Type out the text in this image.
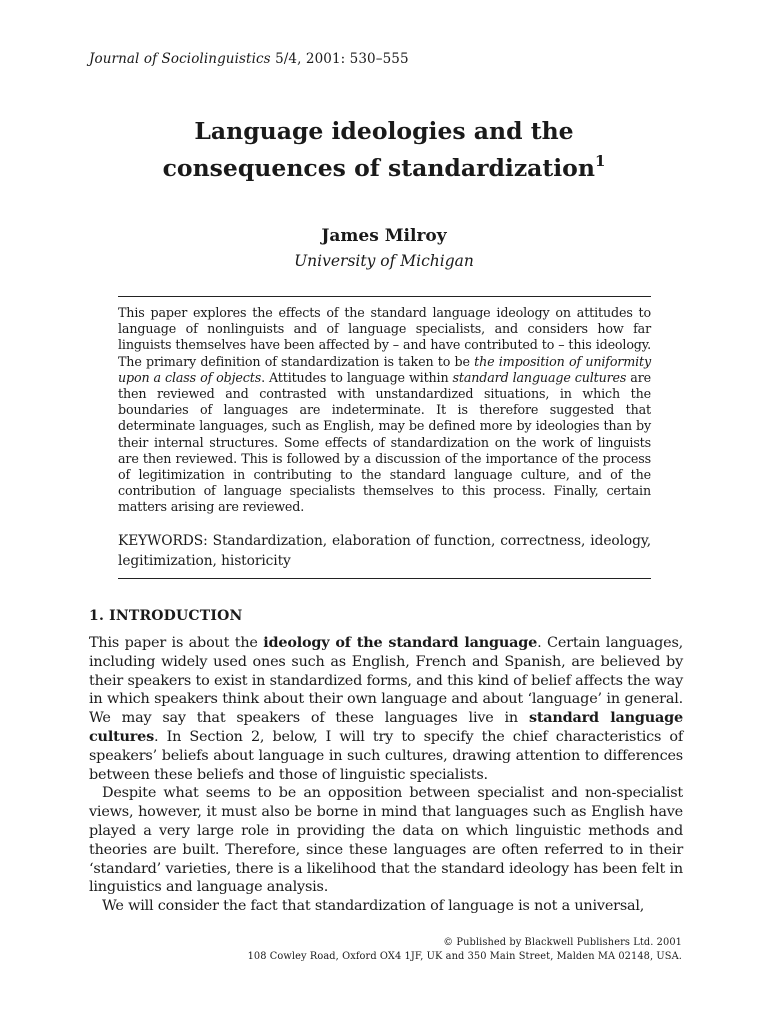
Journal of Sociolinguistics 5/4, 2001: 530–555
Language ideologies and the
consequences of standardization$^1$
James Milroy
University of Michigan
This paper explores the effects of the standard language ideology on attitudes to language of nonlinguists and of language specialists, and considers how far linguists themselves have been affected by – and have contributed to – this ideology. The primary definition of standardization is taken to be the imposition of uniformity upon a class of objects. Attitudes to language within standard language cultures are then reviewed and contrasted with unstandardized situations, in which the boundaries of languages are indeterminate. It is therefore suggested that determinate languages, such as English, may be defined more by ideologies than by their internal structures. Some effects of standardization on the work of linguists are then reviewed. This is followed by a discussion of the importance of the process of legitimization in contributing to the standard language culture, and of the contribution of language specialists themselves to this process. Finally, certain matters arising are reviewed.
KEYWORDS: Standardization, elaboration of function, correctness, ideology, legitimization, historicity
1. INTRODUCTION

This paper is about the ideology of the standard language. Certain languages, including widely used ones such as English, French and Spanish, are believed by their speakers to exist in standardized forms, and this kind of belief affects the way in which speakers think about their own language and about ‘language’ in general. We may say that speakers of these languages live in standard language cultures. In Section 2, below, I will try to specify the chief characteristics of speakers’ beliefs about language in such cultures, drawing attention to differences between these beliefs and those of linguistic specialists.

Despite what seems to be an opposition between specialist and non-specialist views, however, it must also be borne in mind that languages such as English have played a very large role in providing the data on which linguistic methods and theories are built. Therefore, since these languages are often referred to in their ‘standard’ varieties, there is a likelihood that the standard ideology has been felt in linguistics and language analysis.

We will consider the fact that standardization of language is not a universal,

© Published by Blackwell Publishers Ltd. 2001
108 Cowley Road, Oxford OX4 1JF, UK and 350 Main Street, Malden MA 02148, USA.
